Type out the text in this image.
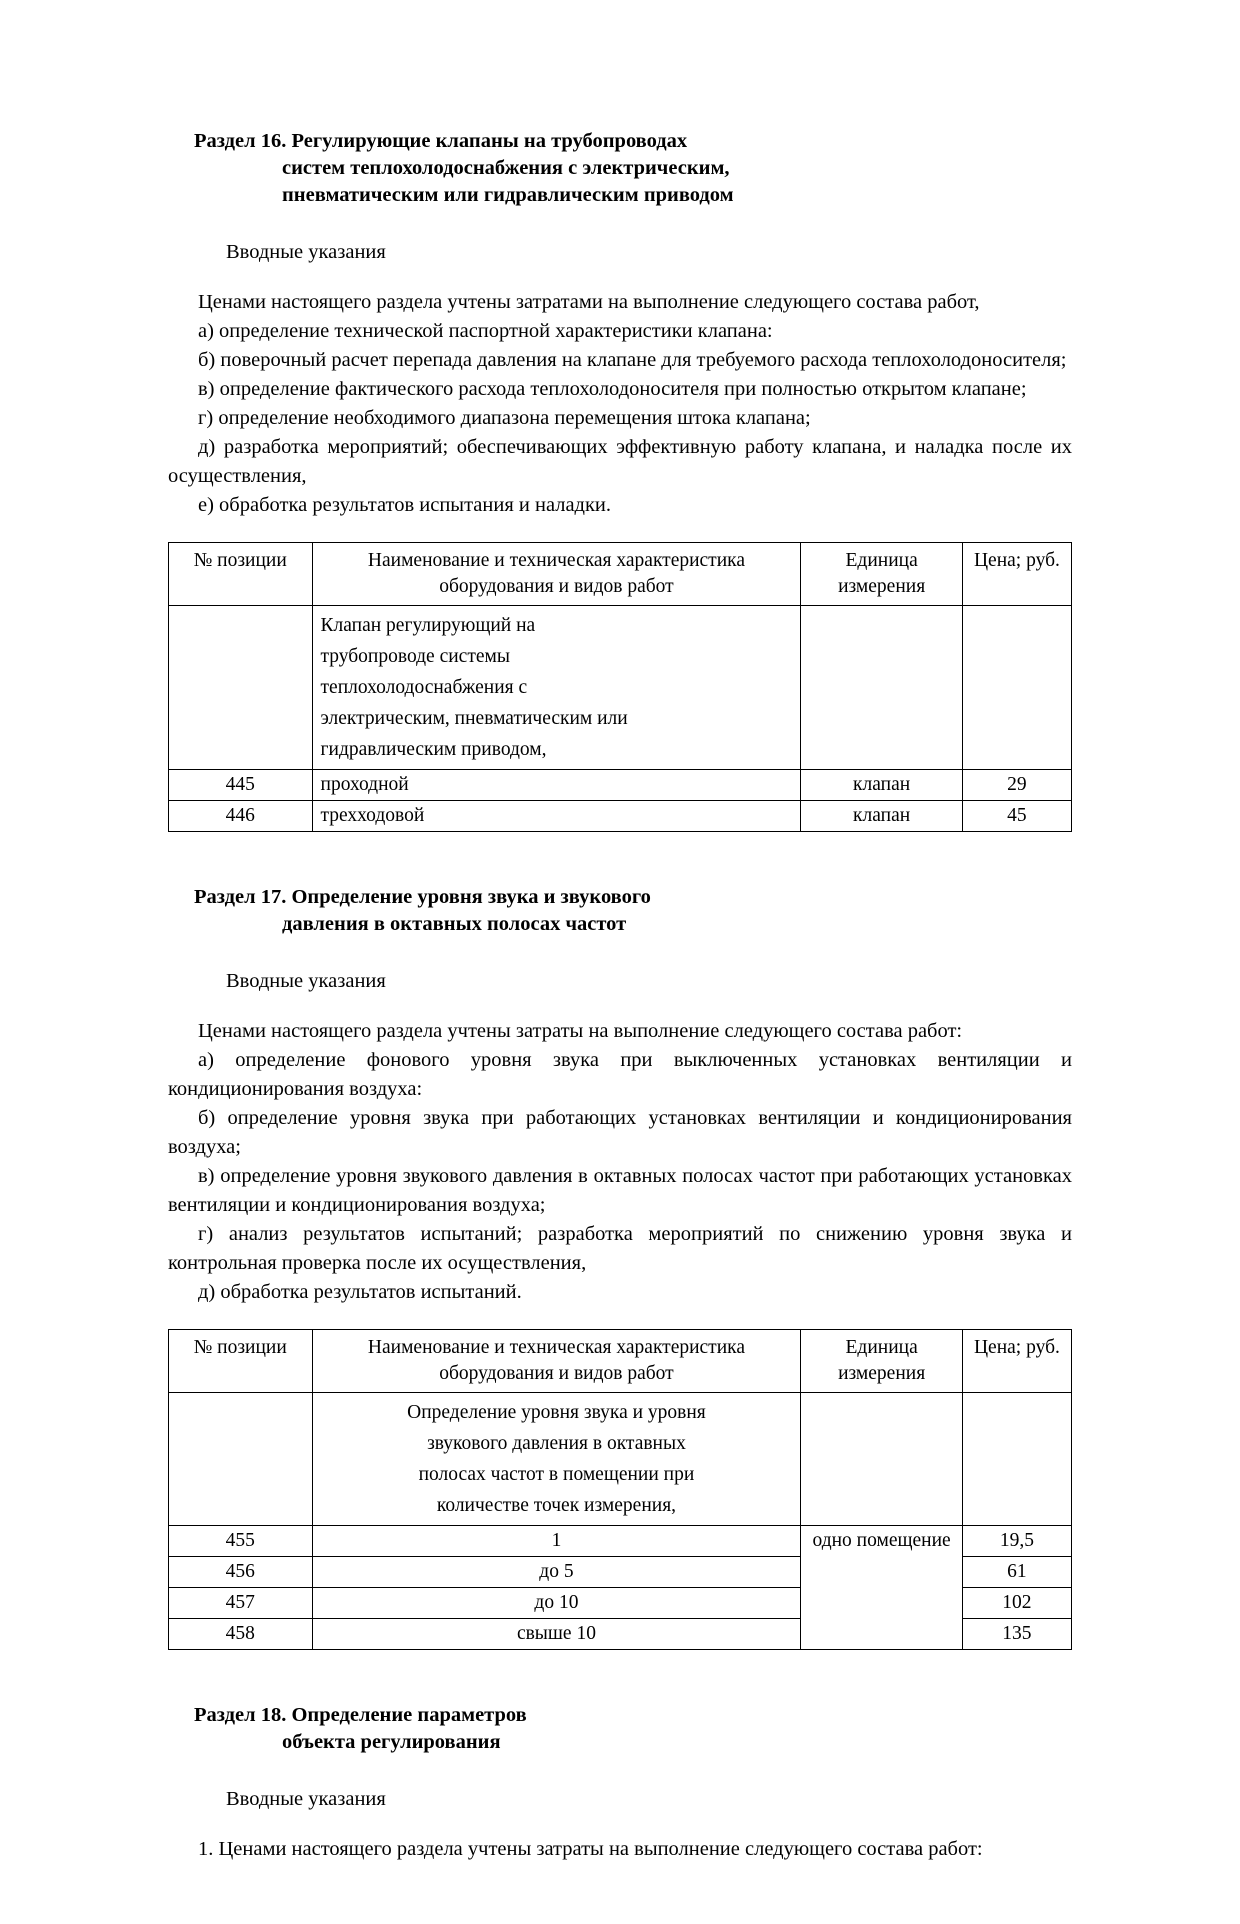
Раздел 16. Регулирующие клапаны на трубопроводах
систем теплохолодоснабжения с электрическим,
пневматическим или гидравлическим приводом

Вводные указания

Ценами настоящего раздела учтены затратами на выполнение следующего состава работ,

а) определение технической паспортной характеристики клапана:

б) поверочный расчет перепада давления на клапане для требуемого расхода теплохолодоносителя;

в) определение фактического расхода теплохолодоносителя при полностью открытом клапане;

г) определение необходимого диапазона перемещения штока клапана;

д) разработка мероприятий; обеспечивающих эффективную работу клапана, и наладка после их осуществления,

е) обработка результатов испытания и наладки.

№ позиции	Наименование и техническая характеристика оборудования и видов работ	Единица измерения	Цена; руб.
	Клапан регулирующий на
трубопроводе системы
теплохолодоснабжения с
электрическим, пневматическим или
гидравлическим приводом,		
445	проходной	клапан	29
446	трехходовой	клапан	45
Раздел 17. Определение уровня звука и звукового
давления в октавных полосах частот

Вводные указания

Ценами настоящего раздела учтены затраты на выполнение следующего состава работ:

а) определение фонового уровня звука при выключенных установках вентиляции и кондиционирования воздуха:

б) определение уровня звука при работающих установках вентиляции и кондиционирования воздуха;

в) определение уровня звукового давления в октавных полосах частот при работающих установках вентиляции и кондиционирования воздуха;

г) анализ результатов испытаний; разработка мероприятий по снижению уровня звука и контрольная проверка после их осуществления,

д) обработка результатов испытаний.

№ позиции	Наименование и техническая характеристика оборудования и видов работ	Единица измерения	Цена; руб.
	Определение уровня звука и уровня
звукового давления в октавных
полосах частот в помещении при
количестве точек измерения,		
455	1	одно помещение	19,5
456	до 5		61
457	до 10		102
458	свыше 10		135
Раздел 18. Определение параметров
объекта регулирования

Вводные указания

1. Ценами настоящего раздела учтены затраты на выполнение следующего состава работ:
